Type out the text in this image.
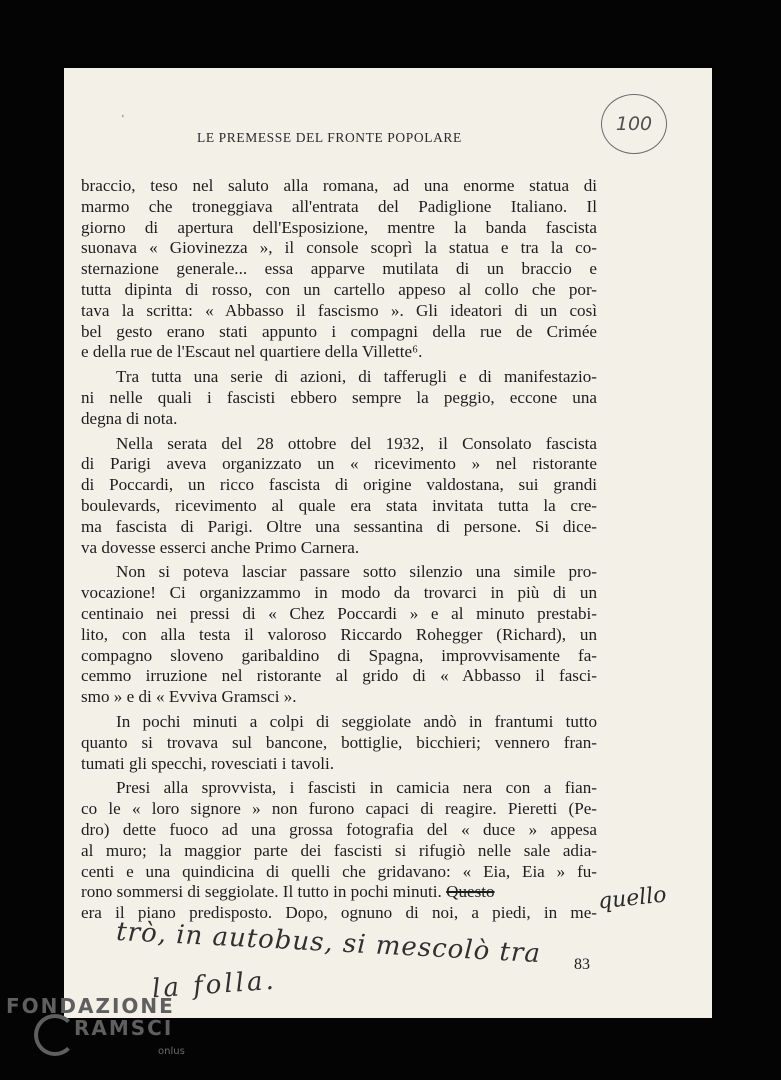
'
LE PREMESSE DEL FRONTE POPOLARE
100

braccio, teso nel saluto alla romana, ad una enorme statua di

marmo che troneggiava all'entrata del Padiglione Italiano. Il

giorno di apertura dell'Esposizione, mentre la banda fascista

suonava « Giovinezza », il console scoprì la statua e tra la co-

sternazione generale... essa apparve mutilata di un braccio e

tutta dipinta di rosso, con un cartello appeso al collo che por-

tava la scritta: « Abbasso il fascismo ». Gli ideatori di un così

bel gesto erano stati appunto i compagni della rue de Crimée

e della rue de l'Escaut nel quartiere della Villette⁶.

Tra tutta una serie di azioni, di tafferugli e di manifestazio-

ni nelle quali i fascisti ebbero sempre la peggio, eccone una

degna di nota.

Nella serata del 28 ottobre del 1932, il Consolato fascista

di Parigi aveva organizzato un « ricevimento » nel ristorante

di Poccardi, un ricco fascista di origine valdostana, sui grandi

boulevards, ricevimento al quale era stata invitata tutta la cre-

ma fascista di Parigi. Oltre una sessantina di persone. Si dice-

va dovesse esserci anche Primo Carnera.

Non si poteva lasciar passare sotto silenzio una simile pro-

vocazione! Ci organizzammo in modo da trovarci in più di un

centinaio nei pressi di « Chez Poccardi » e al minuto prestabi-

lito, con alla testa il valoroso Riccardo Rohegger (Richard), un

compagno sloveno garibaldino di Spagna, improvvisamente fa-

cemmo irruzione nel ristorante al grido di « Abbasso il fasci-

smo » e di « Evviva Gramsci ».

In pochi minuti a colpi di seggiolate andò in frantumi tutto

quanto si trovava sul bancone, bottiglie, bicchieri; vennero fran-

tumati gli specchi, rovesciati i tavoli.

Presi alla sprovvista, i fascisti in camicia nera con a fian-

co le « loro signore » non furono capaci di reagire. Pieretti (Pe-

dro) dette fuoco ad una grossa fotografia del « duce » appesa

al muro; la maggior parte dei fascisti si rifugiò nelle sale adia-

centi e una quindicina di quelli che gridavano: « Eia, Eia » fu-

rono sommersi di seggiolate. Il tutto in pochi minuti. Questo

era il piano predisposto. Dopo, ognuno di noi, a piedi, in me- quello
trò, in autobus, si mescolò tra
la folla.
83
FONDAZIONE
RAMSCI
onlus
